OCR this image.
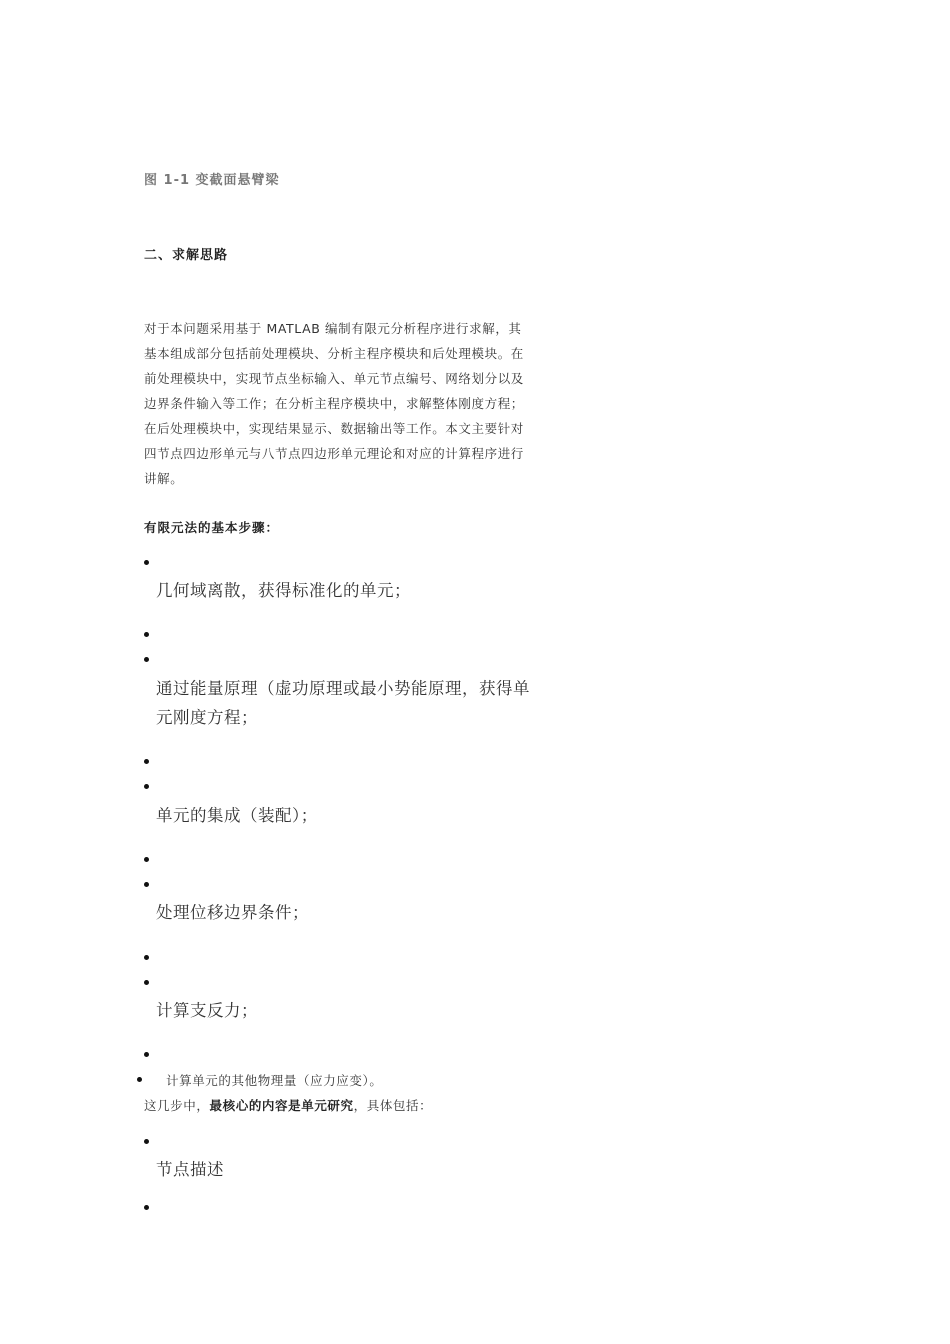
图 1-1 变截面悬臂梁
二、求解思路
对于本问题采用基于 MATLAB 编制有限元分析程序进行求解，其
基本组成部分包括前处理模块、分析主程序模块和后处理模块。在
前处理模块中，实现节点坐标输入、单元节点编号、网络划分以及
边界条件输入等工作；在分析主程序模块中，求解整体刚度方程；
在后处理模块中，实现结果显示、数据输出等工作。本文主要针对
四节点四边形单元与八节点四边形单元理论和对应的计算程序进行
讲解。
有限元法的基本步骤：
几何域离散，获得标准化的单元；
通过能量原理（虚功原理或最小势能原理，获得单
元刚度方程；
单元的集成（装配）；
处理位移边界条件；
计算支反力；
计算单元的其他物理量（应力应变）。
这几步中，最核心的内容是单元研究，具体包括：
节点描述
